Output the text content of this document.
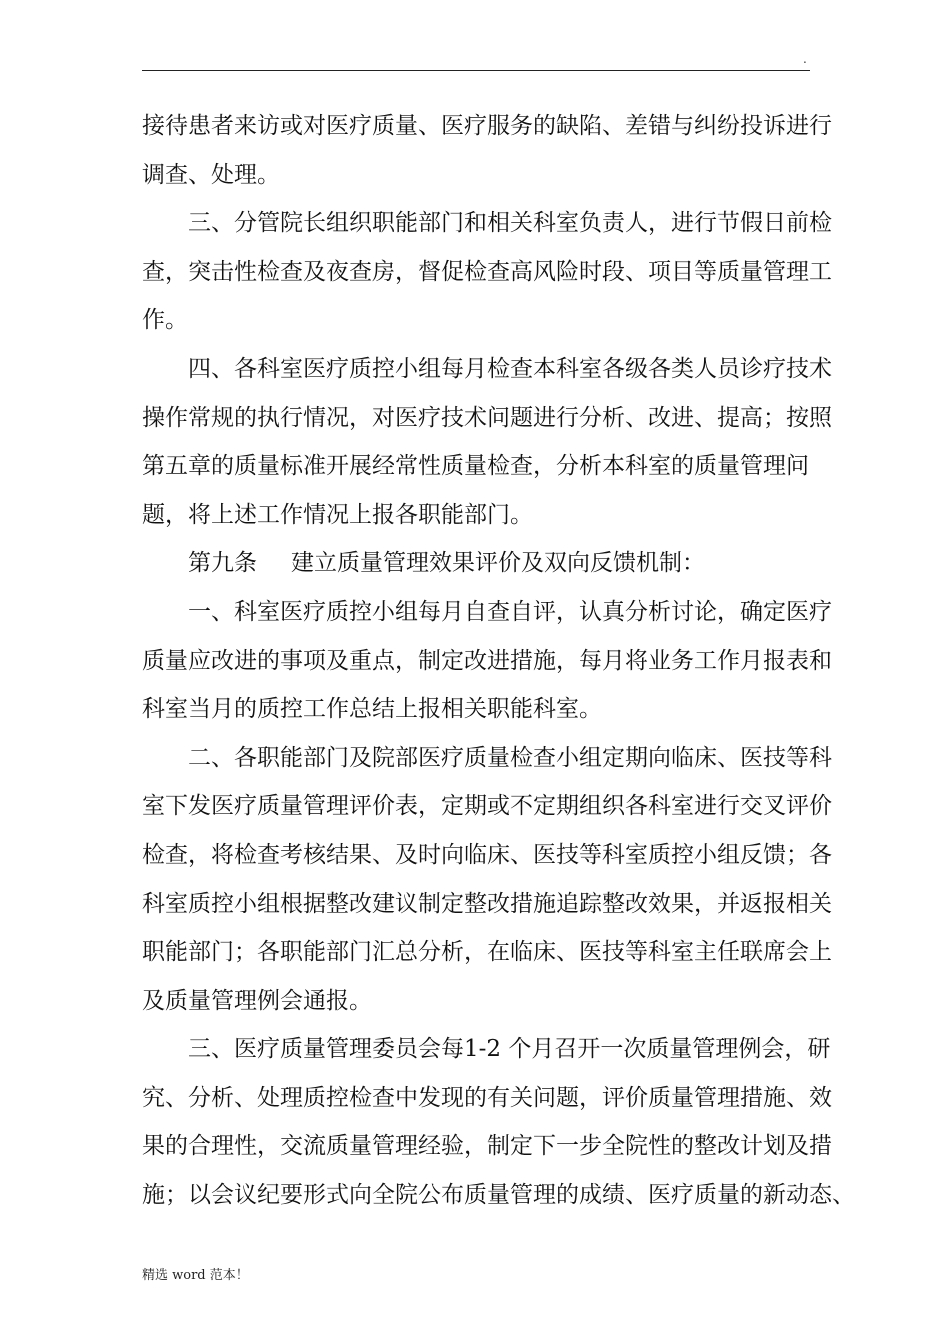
.
接待患者来访或对医疗质量、医疗服务的缺陷、差错与纠纷投诉进行
调查、处理。
三、分管院长组织职能部门和相关科室负责人，进行节假日前检
查，突击性检查及夜查房，督促检查高风险时段、项目等质量管理工
作。
四、各科室医疗质控小组每月检查本科室各级各类人员诊疗技术
操作常规的执行情况，对医疗技术问题进行分析、改进、提高；按照
第五章的质量标准开展经常性质量检查，分析本科室的质量管理问
题，将上述工作情况上报各职能部门。
第九条 建立质量管理效果评价及双向反馈机制：
一、科室医疗质控小组每月自查自评，认真分析讨论，确定医疗
质量应改进的事项及重点，制定改进措施，每月将业务工作月报表和
科室当月的质控工作总结上报相关职能科室。
二、各职能部门及院部医疗质量检查小组定期向临床、医技等科
室下发医疗质量管理评价表，定期或不定期组织各科室进行交叉评价
检查，将检查考核结果、及时向临床、医技等科室质控小组反馈；各
科室质控小组根据整改建议制定整改措施追踪整改效果，并返报相关
职能部门；各职能部门汇总分析，在临床、医技等科室主任联席会上
及质量管理例会通报。
三、医疗质量管理委员会每1-2 个月召开一次质量管理例会，研
究、分析、处理质控检查中发现的有关问题，评价质量管理措施、效
果的合理性，交流质量管理经验，制定下一步全院性的整改计划及措
施；以会议纪要形式向全院公布质量管理的成绩、医疗质量的新动态、
精选 word 范本！
